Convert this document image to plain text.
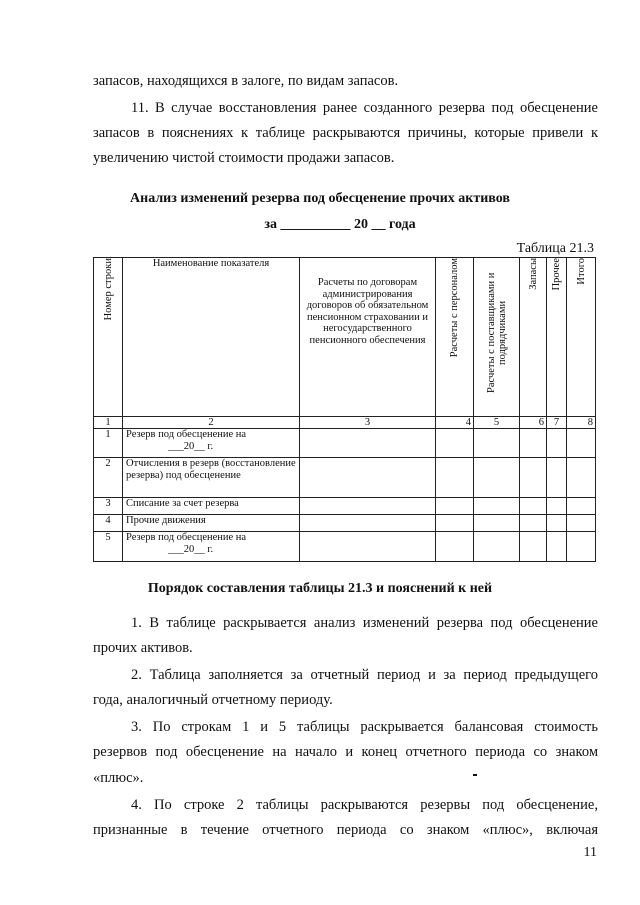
запасов, находящихся в залоге, по видам запасов.
11. В случае восстановления ранее созданного резерва под обесценение
запасов в пояснениях к таблице раскрываются причины, которые привели к
увеличению чистой стоимости продажи запасов.
Анализ изменений резерва под обесценение прочих активов
за __________ 20 __ года
Таблица 21.3
Номер строки	Наименование показателя	Расчеты по договорам администрирования договоров об обязательном пенсионном страховании и негосударственного пенсионного обеспечения	Расчеты с персоналом	Расчеты с поставщиками и подрядчиками	Запасы	Прочее	Итого
1	2	3	4	5	6	7	8
1	Резерв под обесценение на
___20__ г.						

2	Отчисления в резерв (восстановление резерва) под обесценение						
3	Списание за счет резерва						
4	Прочие движения						
5	Резерв под обесценение на
___20__ г.						

Порядок составления таблицы 21.3 и пояснений к ней
1. В таблице раскрывается анализ изменений резерва под обесценение
прочих активов.
2. Таблица заполняется за отчетный период и за период предыдущего
года, аналогичный отчетному периоду.
3. По строкам 1 и 5 таблицы раскрывается балансовая стоимость
резервов под обесценение на начало и конец отчетного периода со знаком
«плюс».
4. По строке 2 таблицы раскрываются резервы под обесценение,
признанные в течение отчетного периода со знаком «плюс», включая
11
